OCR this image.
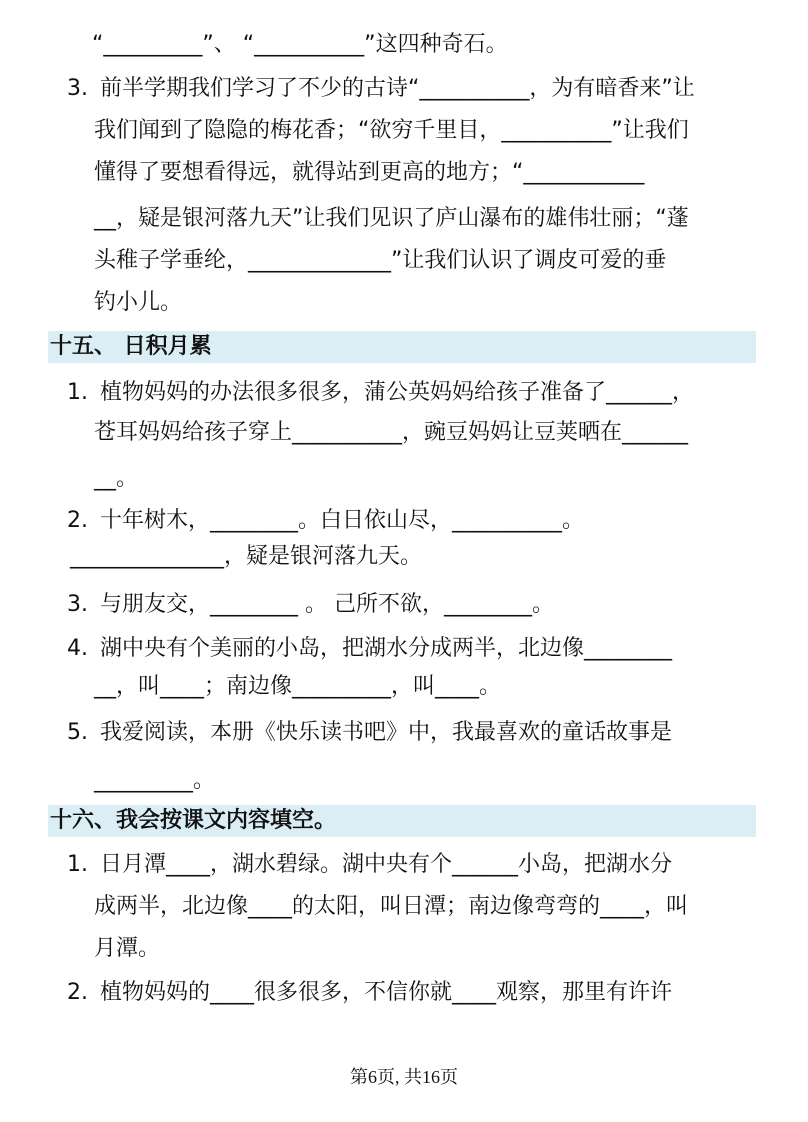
“_________”、 “__________”这四种奇石。
3. 前半学期我们学习了不少的古诗“__________，为有暗香来”让
我们闻到了隐隐的梅花香；“欲穷千里目，__________”让我们
懂得了要想看得远，就得站到更高的地方；“___________
__，疑是银河落九天”让我们见识了庐山瀑布的雄伟壮丽；“蓬
头稚子学垂纶，_____________”让我们认识了调皮可爱的垂
钓小儿。
十五、 日积月累
1. 植物妈妈的办法很多很多，蒲公英妈妈给孩子准备了______，
苍耳妈妈给孩子穿上__________，豌豆妈妈让豆荚晒在______
__。
2. 十年树木，________。白日依山尽，__________。
______________，疑是银河落九天。
3. 与朋友交，________ 。 己所不欲，________。
4. 湖中央有个美丽的小岛，把湖水分成两半，北边像________
__，叫____；南边像_________，叫____。
5. 我爱阅读，本册《快乐读书吧》中，我最喜欢的童话故事是
_________。
十六、我会按课文内容填空。
1. 日月潭____，湖水碧绿。湖中央有个______小岛，把湖水分
成两半，北边像____的太阳，叫日潭；南边像弯弯的____，叫
月潭。
2. 植物妈妈的____很多很多，不信你就____观察，那里有许许
第6页, 共16页
